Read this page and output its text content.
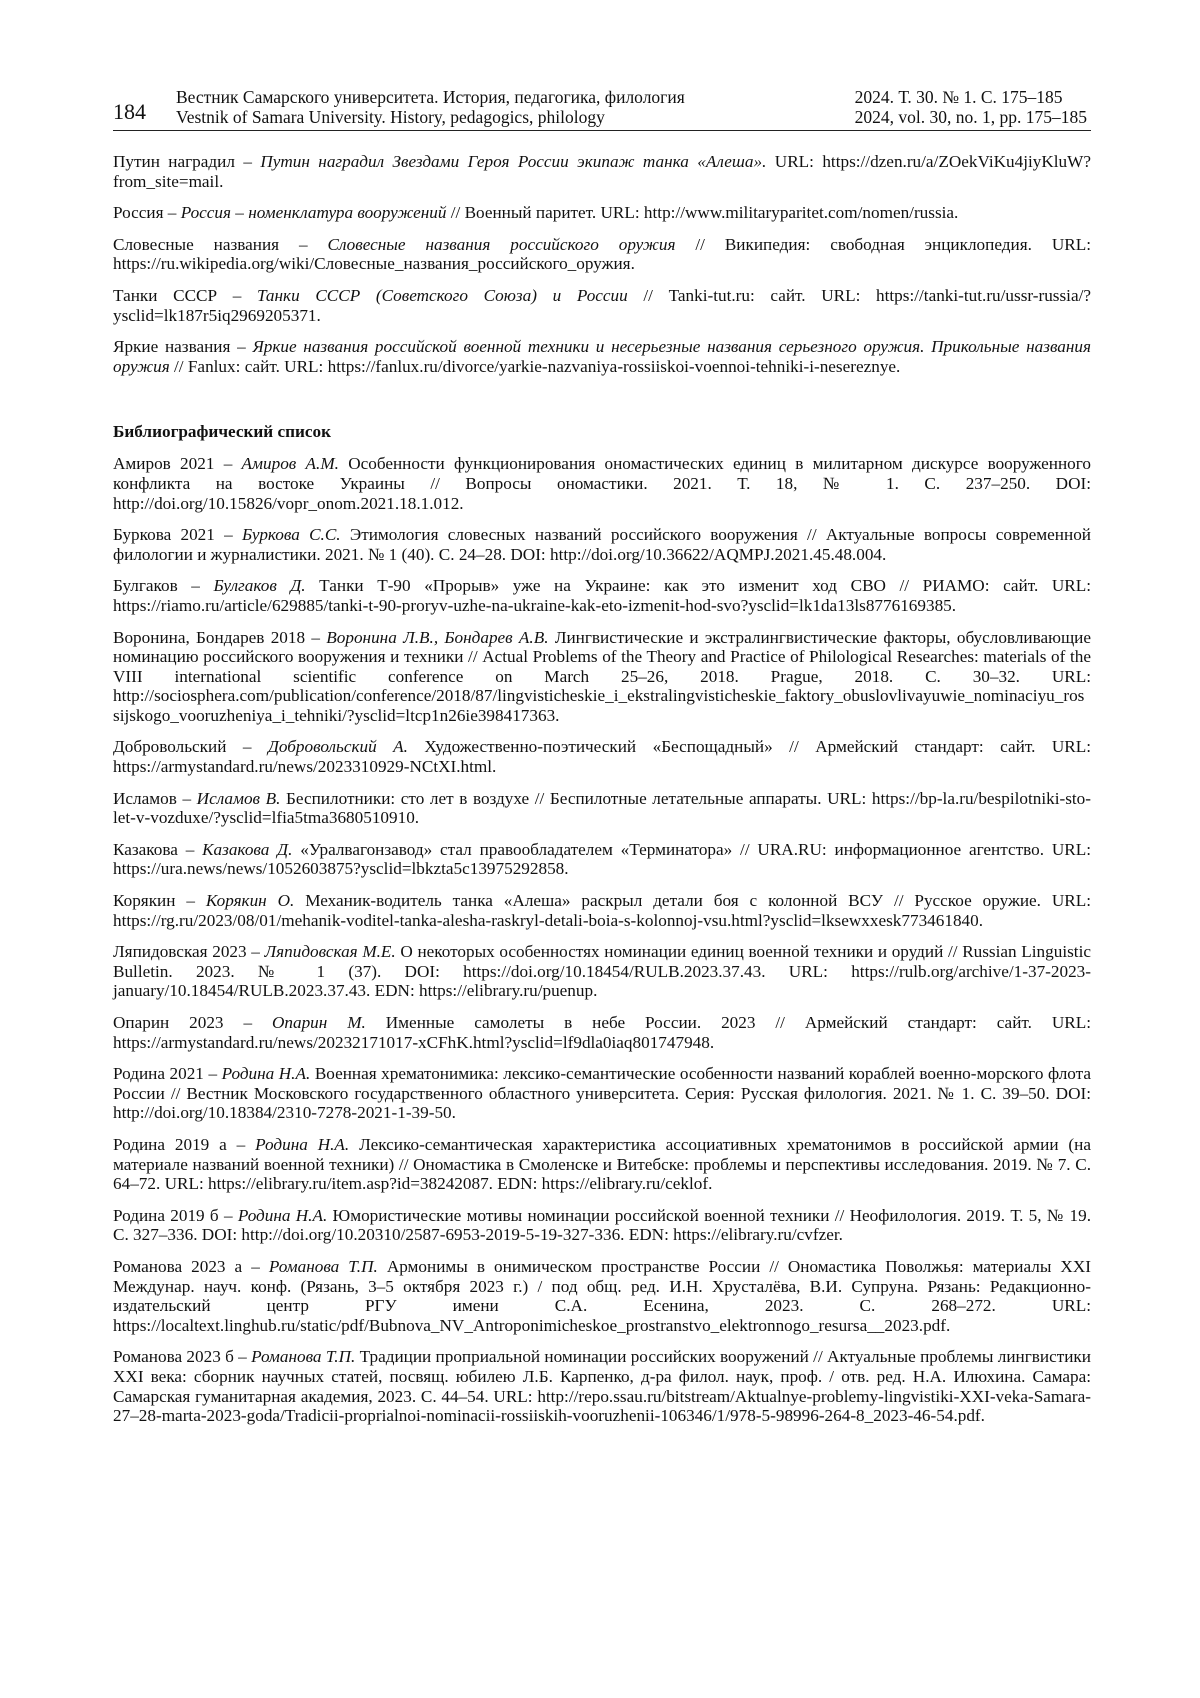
184
Вестник Самарского университета. История, педагогика, филология
Vestnik of Samara University. History, pedagogics, philology
2024. Т. 30. № 1. С. 175–185
2024, vol. 30, no. 1, pp. 175–185

Путин наградил – Путин наградил Звездами Героя России экипаж танка «Алеша». URL: https://dzen.ru/a/ZOekViKu4jiyKluW?from_site=mail.

Россия – Россия – номенклатура вооружений // Военный паритет. URL: http://www.militaryparitet.com/nomen/russia.

Словесные названия – Словесные названия российского оружия // Википедия: свободная энциклопедия. URL: https://ru.wikipedia.org/wiki/Словесные_названия_российского_оружия.

Танки СССР – Танки СССР (Советского Союза) и России // Tanki-tut.ru: сайт. URL: https://tanki-tut.ru/ussr-russia/?ysclid=lk187r5iq2969205371.

Яркие названия – Яркие названия российской военной техники и несерьезные названия серьезного оружия. Прикольные названия оружия // Fanlux: сайт. URL: https://fanlux.ru/divorce/yarkie-nazvaniya-rossiiskoi-voennoi-tehniki-i-nesereznye.

Библиографический список

Амиров 2021 – Амиров А.М. Особенности функционирования ономастических единиц в милитарном дискурсе вооруженного конфликта на востоке Украины // Вопросы ономастики. 2021. Т. 18, № 1. С. 237–250. DOI: http://doi.org/10.15826/vopr_onom.2021.18.1.012.

Буркова 2021 – Буркова С.С. Этимология словесных названий российского вооружения // Актуальные вопросы современной филологии и журналистики. 2021. № 1 (40). С. 24–28. DOI: http://doi.org/10.36622/AQMPJ.2021.45.48.004.

Булгаков – Булгаков Д. Танки Т-90 «Прорыв» уже на Украине: как это изменит ход СВО // РИАМО: сайт. URL: https://riamo.ru/article/629885/tanki-t-90-proryv-uzhe-na-ukraine-kak-eto-izmenit-hod-svo?ysclid=lk1da13ls8776169385.

Воронина, Бондарев 2018 – Воронина Л.В., Бондарев А.В. Лингвистические и экстралингвистические факторы, обусловливающие номинацию российского вооружения и техники // Actual Problems of the Theory and Practice of Philological Researches: materials of the VIII international scientific conference on March 25–26, 2018. Prague, 2018. С. 30–32. URL: http://sociosphera.com/publication/conference/2018/87/lingvisticheskie_i_ekstralingvisticheskie_faktory_obuslovlivayuwie_nominaciyu_rossijskogo_vooruzheniya_i_tehniki/?ysclid=ltcp1n26ie398417363.

Добровольский – Добровольский А. Художественно-поэтический «Беспощадный» // Армейский стандарт: сайт. URL: https://armystandard.ru/news/2023310929-NCtXI.html.

Исламов – Исламов В. Беспилотники: сто лет в воздухе // Беспилотные летательные аппараты. URL: https://bp-la.ru/bespilotniki-sto-let-v-vozduxe/?ysclid=lfia5tma3680510910.

Казакова – Казакова Д. «Уралвагонзавод» стал правообладателем «Терминатора» // URA.RU: информационное агентство. URL: https://ura.news/news/1052603875?ysclid=lbkzta5c13975292858.

Корякин – Корякин О. Механик-водитель танка «Алеша» раскрыл детали боя с колонной ВСУ // Русское оружие. URL: https://rg.ru/2023/08/01/mehanik-voditel-tanka-alesha-raskryl-detali-boia-s-kolonnoj-vsu.html?ysclid=lksewxxesk773461840.

Ляпидовская 2023 – Ляпидовская М.Е. О некоторых особенностях номинации единиц военной техники и орудий // Russian Linguistic Bulletin. 2023. № 1 (37). DOI: https://doi.org/10.18454/RULB.2023.37.43. URL: https://rulb.org/archive/1-37-2023-january/10.18454/RULB.2023.37.43. EDN: https://elibrary.ru/puenup.

Опарин 2023 – Опарин М. Именные самолеты в небе России. 2023 // Армейский стандарт: сайт. URL: https://armystandard.ru/news/20232171017-xCFhK.html?ysclid=lf9dla0iaq801747948.

Родина 2021 – Родина Н.А. Военная хрематонимика: лексико-семантические особенности названий кораблей военно-морского флота России // Вестник Московского государственного областного университета. Серия: Русская филология. 2021. № 1. С. 39–50. DOI: http://doi.org/10.18384/2310-7278-2021-1-39-50.

Родина 2019 а – Родина Н.А. Лексико-семантическая характеристика ассоциативных хрематонимов в российской армии (на материале названий военной техники) // Ономастика в Смоленске и Витебске: проблемы и перспективы исследования. 2019. № 7. С. 64–72. URL: https://elibrary.ru/item.asp?id=38242087. EDN: https://elibrary.ru/ceklof.

Родина 2019 б – Родина Н.А. Юмористические мотивы номинации российской военной техники // Неофилология. 2019. Т. 5, № 19. С. 327–336. DOI: http://doi.org/10.20310/2587-6953-2019-5-19-327-336. EDN: https://elibrary.ru/cvfzer.

Романова 2023 а – Романова Т.П. Армонимы в онимическом пространстве России // Ономастика Поволжья: материалы XXI Междунар. науч. конф. (Рязань, 3–5 октября 2023 г.) / под общ. ред. И.Н. Хрусталёва, В.И. Супруна. Рязань: Редакционно-издательский центр РГУ имени С.А. Есенина, 2023. С. 268–272. URL: https://localtext.linghub.ru/static/pdf/Bubnova_NV_Antroponimicheskoe_prostranstvo_elektronnogo_resursa__2023.pdf.

Романова 2023 б – Романова Т.П. Традиции проприальной номинации российских вооружений // Актуальные проблемы лингвистики XXI века: сборник научных статей, посвящ. юбилею Л.Б. Карпенко, д-ра филол. наук, проф. / отв. ред. Н.А. Илюхина. Самара: Самарская гуманитарная академия, 2023. С. 44–54. URL: http://repo.ssau.ru/bitstream/Aktualnye-problemy-lingvistiki-XXI-veka-Samara-27–28-marta-2023-goda/Tradicii-proprialnoi-nominacii-rossiiskih-vooruzhenii-106346/1/978-5-98996-264-8_2023-46-54.pdf.
